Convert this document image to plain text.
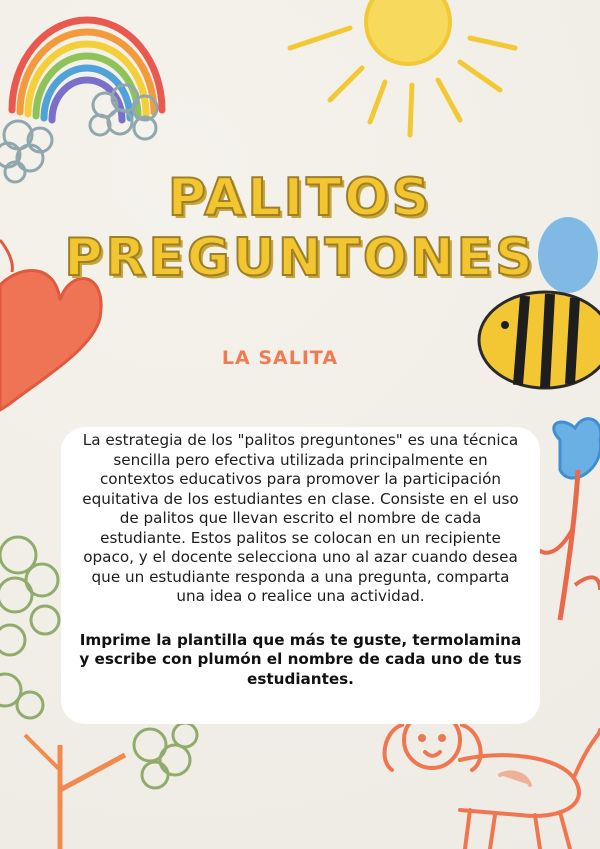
PALITOS
PREGUNTONES
LA SALITA

La estrategia de los "palitos preguntones" es una técnica sencilla pero efectiva utilizada principalmente en contextos educativos para promover la participación equitativa de los estudiantes en clase. Consiste en el uso de palitos que llevan escrito el nombre de cada estudiante. Estos palitos se colocan en un recipiente opaco, y el docente selecciona uno al azar cuando desea que un estudiante responda a una pregunta, comparta una idea o realice una actividad.

Imprime la plantilla que más te guste, termolamina y escribe con plumón el nombre de cada uno de tus estudiantes.
